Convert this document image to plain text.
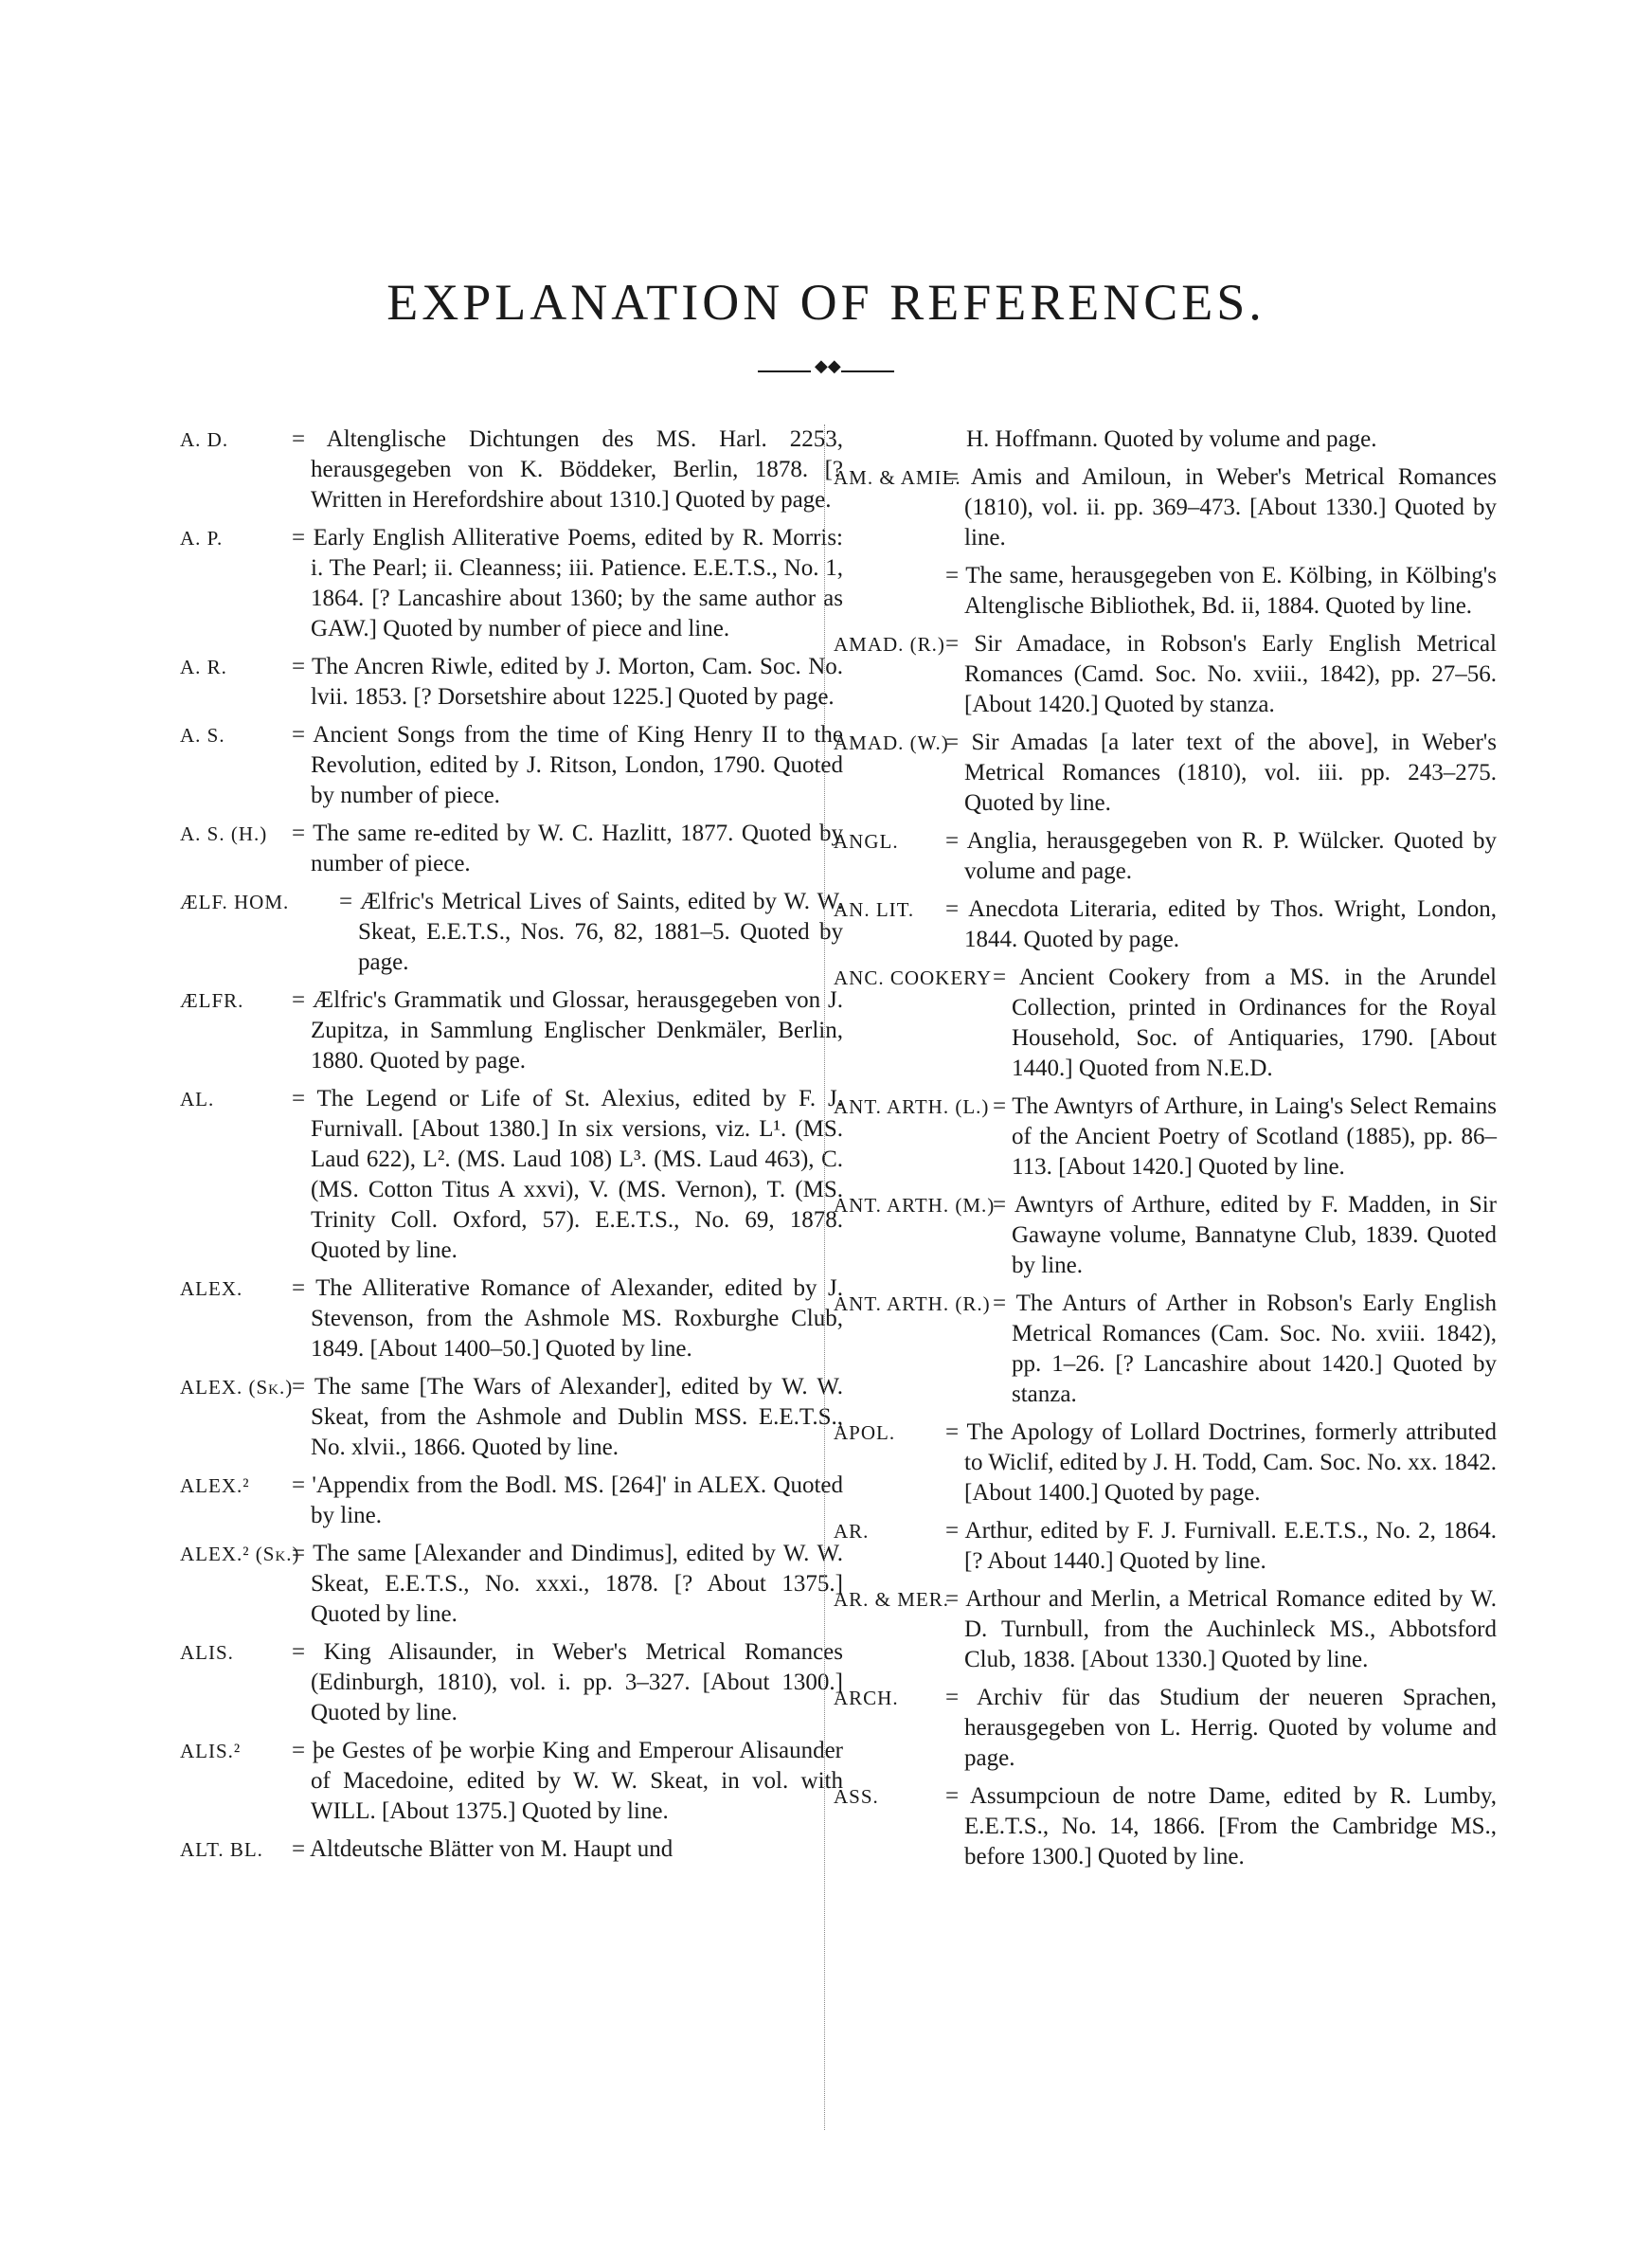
EXPLANATION OF REFERENCES.
◆◆
A. D.	= Altenglische Dichtungen des MS. Harl. 2253, herausgegeben von K. Böddeker, Berlin, 1878. [? Written in Herefordshire about 1310.] Quoted by page.
A. P.	= Early English Alliterative Poems, edited by R. Morris: i. The Pearl; ii. Cleanness; iii. Patience. E.E.T.S., No. 1, 1864. [? Lancashire about 1360; by the same author as GAW.] Quoted by number of piece and line.
A. R.	= The Ancren Riwle, edited by J. Morton, Cam. Soc. No. lvii. 1853. [? Dorsetshire about 1225.] Quoted by page.
A. S.	= Ancient Songs from the time of King Henry II to the Revolution, edited by J. Ritson, London, 1790. Quoted by number of piece.
A. S. (H.)	= The same re-edited by W. C. Hazlitt, 1877. Quoted by number of piece.
ÆLF. HOM.	= Ælfric's Metrical Lives of Saints, edited by W. W. Skeat, E.E.T.S., Nos. 76, 82, 1881–5. Quoted by page.
ÆLFR.	= Ælfric's Grammatik und Glossar, herausgegeben von J. Zupitza, in Sammlung Englischer Denkmäler, Berlin, 1880. Quoted by page.
AL.	= The Legend or Life of St. Alexius, edited by F. J. Furnivall. [About 1380.] In six versions, viz. L¹. (MS. Laud 622), L². (MS. Laud 108) L³. (MS. Laud 463), C. (MS. Cotton Titus A xxvi), V. (MS. Vernon), T. (MS. Trinity Coll. Oxford, 57). E.E.T.S., No. 69, 1878. Quoted by line.
ALEX.	= The Alliterative Romance of Alexander, edited by J. Stevenson, from the Ashmole MS. Roxburghe Club, 1849. [About 1400–50.] Quoted by line.
ALEX. (Sk.)
= The same [The Wars of Alexander], edited by W. W. Skeat, from the Ashmole and Dublin MSS. E.E.T.S., No. xlvii., 1866. Quoted by line.
ALEX.²	= 'Appendix from the Bodl. MS. [264]' in ALEX. Quoted by line.
ALEX.² (Sk.)
= The same [Alexander and Dindimus], edited by W. W. Skeat, E.E.T.S., No. xxxi., 1878. [? About 1375.] Quoted by line.
ALIS.	= King Alisaunder, in Weber's Metrical Romances (Edinburgh, 1810), vol. i. pp. 3–327. [About 1300.] Quoted by line.
ALIS.²	= þe Gestes of þe worþie King and Emperour Alisaunder of Macedoine, edited by W. W. Skeat, in vol. with WILL. [About 1375.] Quoted by line.
ALT. BL.	= Altdeutsche Blätter von M. Haupt und
H. Hoffmann. Quoted by volume and page.
AM. & AMIL.
= Amis and Amiloun, in Weber's Metrical Romances (1810), vol. ii. pp. 369–473. [About 1330.] Quoted by line.
= The same, herausgegeben von E. Kölbing, in Kölbing's Altenglische Bibliothek, Bd. ii, 1884. Quoted by line.
AMAD. (R.) = Sir Amadace, in Robson's Early English Metrical Romances (Camd. Soc. No. xviii., 1842), pp. 27–56. [About 1420.] Quoted by stanza.
AMAD. (W.)
= Sir Amadas [a later text of the above], in Weber's Metrical Romances (1810), vol. iii. pp. 243–275. Quoted by line.
ANGL.	= Anglia, herausgegeben von R. P. Wülcker. Quoted by volume and page.
AN. LIT.	= Anecdota Literaria, edited by Thos. Wright, London, 1844. Quoted by page.
ANC. COOKERY = Ancient Cookery from a MS. in the Arundel Collection, printed in Ordinances for the Royal Household, Soc. of Antiquaries, 1790. [About 1440.] Quoted from N.E.D.
ANT. ARTH. (L.) = The Awntyrs of Arthure, in Laing's Select Remains of the Ancient Poetry of Scotland (1885), pp. 86–113. [About 1420.] Quoted by line.
ANT. ARTH. (M.)
= Awntyrs of Arthure, edited by F. Madden, in Sir Gawayne volume, Bannatyne Club, 1839. Quoted by line.
ANT. ARTH. (R.) = The Anturs of Arther in Robson's Early English Metrical Romances (Cam. Soc. No. xviii. 1842), pp. 1–26. [? Lancashire about 1420.] Quoted by stanza.
APOL.	= The Apology of Lollard Doctrines, formerly attributed to Wiclif, edited by J. H. Todd, Cam. Soc. No. xx. 1842. [About 1400.] Quoted by page.
AR.	= Arthur, edited by F. J. Furnivall. E.E.T.S., No. 2, 1864. [? About 1440.] Quoted by line.
AR. & MER.
= Arthour and Merlin, a Metrical Romance edited by W. D. Turnbull, from the Auchinleck MS., Abbotsford Club, 1838. [About 1330.] Quoted by line.
ARCH.	= Archiv für das Studium der neueren Sprachen, herausgegeben von L. Herrig. Quoted by volume and page.
ASS.	= Assumpcioun de notre Dame, edited by R. Lumby, E.E.T.S., No. 14, 1866. [From the Cambridge MS., before 1300.] Quoted by line.
